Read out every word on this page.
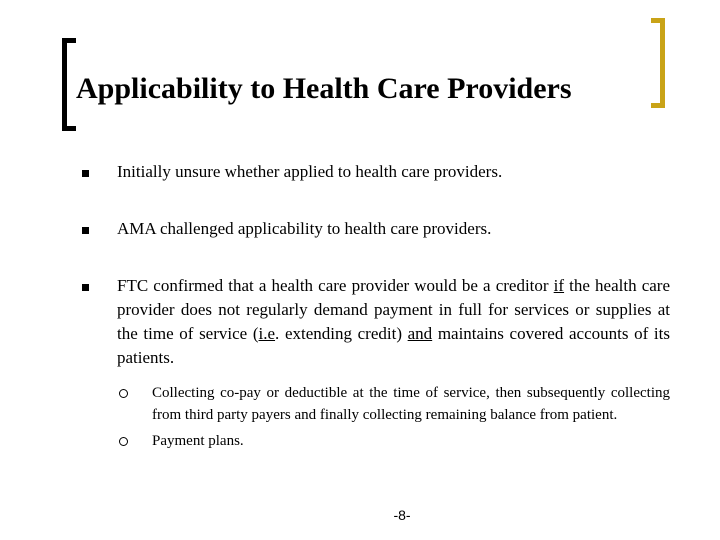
Applicability to Health Care Providers
Initially unsure whether applied to health care providers.
AMA challenged applicability to health care providers.
FTC confirmed that a health care provider would be a creditor if the health care provider does not regularly demand payment in full for services or supplies at the time of service (i.e. extending credit) and maintains covered accounts of its patients.
Collecting co-pay or deductible at the time of service, then subsequently collecting from third party payers and finally collecting remaining balance from patient.
Payment plans.
-8-
